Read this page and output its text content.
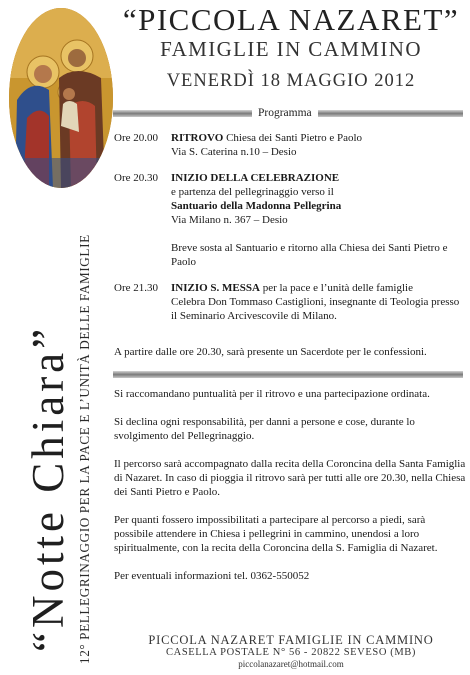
“Notte Chiara” 12° PELLEGRINAGGIO PER LA PACE E L’UNITÀ DELLE FAMIGLIE
“PICCOLA NAZARET”
FAMIGLIE IN CAMMINO
VENERDÌ 18 MAGGIO 2012
Programma
Ore 20.00	RITROVO Chiesa dei Santi Pietro e Paolo
Via S. Caterina n.10 – Desio
Ore 20.30	INIZIO DELLA CELEBRAZIONE
e partenza del pellegrinaggio verso il
Santuario della Madonna Pellegrina
Via Milano n. 367 – Desio
Breve sosta al Santuario e ritorno alla Chiesa dei Santi Pietro e Paolo
Ore 21.30	INIZIO S. MESSA per la pace e l’unità delle famiglie
Celebra Don Tommaso Castiglioni, insegnante di Teologia presso il Seminario Arcivescovile di Milano.
A partire dalle ore 20.30, sarà presente un Sacerdote per le confessioni.

Si raccomandano puntualità per il ritrovo e una partecipazione ordinata.

Si declina ogni responsabilità, per danni a persone e cose, durante lo svolgimento del Pellegrinaggio.

Il percorso sarà accompagnato dalla recita della Coroncina della Santa Famiglia di Nazaret. In caso di pioggia il ritrovo sarà per tutti alle ore 20.30, nella Chiesa dei Santi Pietro e Paolo.

Per quanti fossero impossibilitati a partecipare al percorso a piedi, sarà possibile attendere in Chiesa i pellegrini in cammino, unendosi a loro spiritualmente, con la recita della Coroncina della S. Famiglia di Nazaret.

Per eventuali informazioni tel. 0362-550052

PICCOLA NAZARET FAMIGLIE IN CAMMINO
CASELLA POSTALE N° 56 - 20822 SEVESO (MB)
piccolanazaret@hotmail.com
